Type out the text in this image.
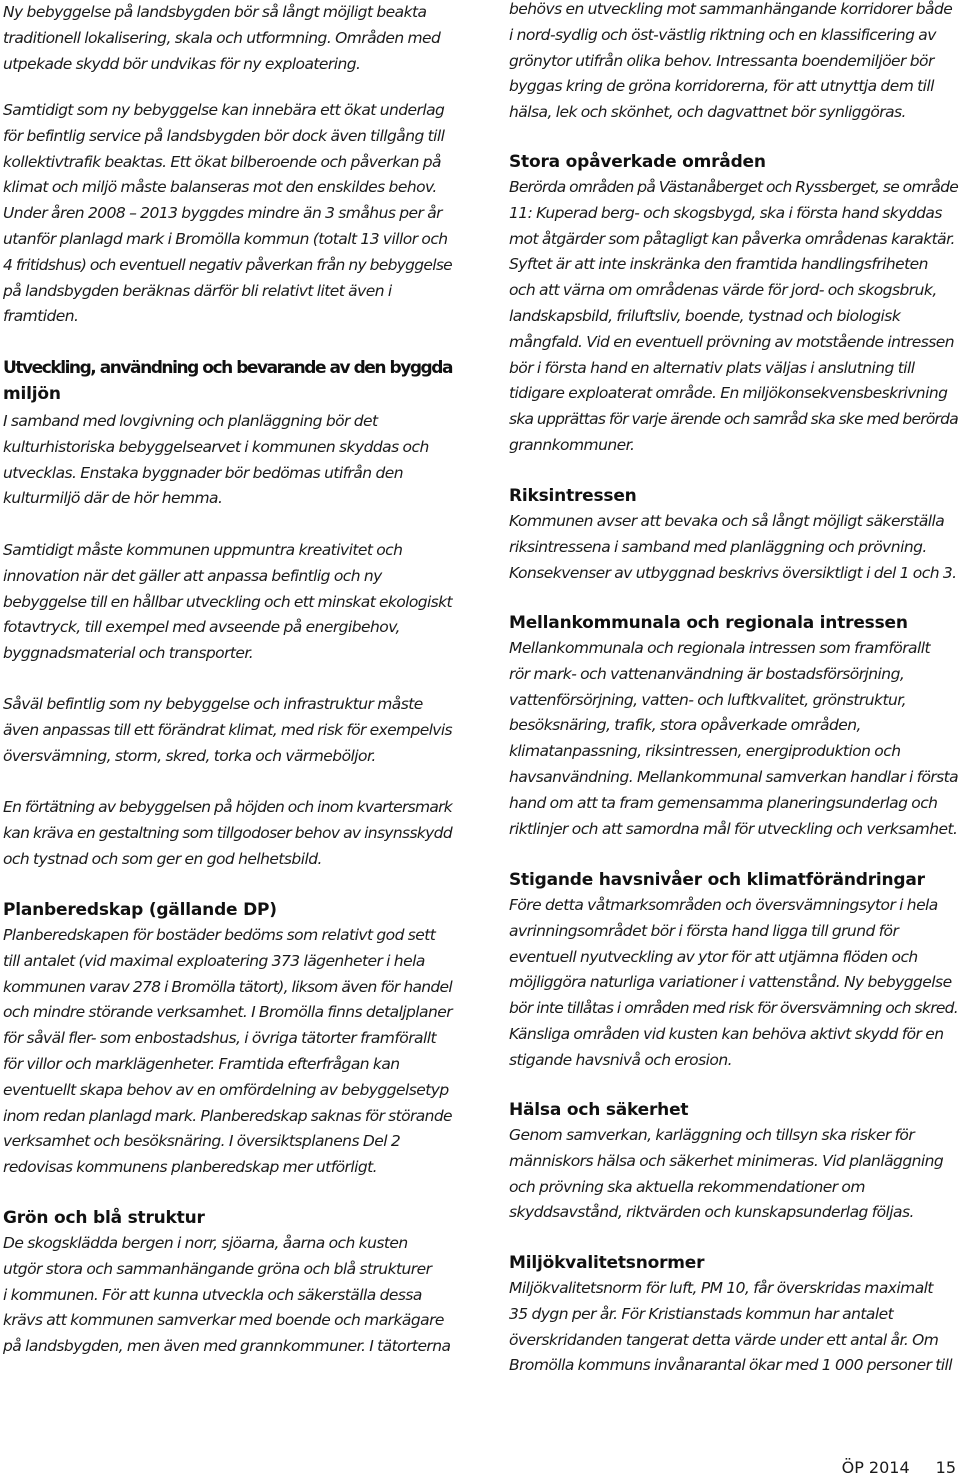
Ny bebyggelse på landsbygden bör så långt möjligt beakta
traditionell lokalisering, skala och utformning. Områden med
utpekade skydd bör undvikas för ny exploatering.

Samtidigt som ny bebyggelse kan innebära ett ökat underlag
för befintlig service på landsbygden bör dock även tillgång till
kollektivtrafik beaktas. Ett ökat bilberoende och påverkan på
klimat och miljö måste balanseras mot den enskildes behov.
Under åren 2008 – 2013 byggdes mindre än 3 småhus per år
utanför planlagd mark i Bromölla kommun (totalt 13 villor och
4 fritidshus) och eventuell negativ påverkan från ny bebyggelse
på landsbygden beräknas därför bli relativt litet även i
framtiden.

Utveckling, användning och bevarande av den byggda
miljön

I samband med lovgivning och planläggning bör det
kulturhistoriska bebyggelsearvet i kommunen skyddas och
utvecklas. Enstaka byggnader bör bedömas utifrån den
kulturmiljö där de hör hemma.

Samtidigt måste kommunen uppmuntra kreativitet och
innovation när det gäller att anpassa befintlig och ny
bebyggelse till en hållbar utveckling och ett minskat ekologiskt
fotavtryck, till exempel med avseende på energibehov,
byggnadsmaterial och transporter.

Såväl befintlig som ny bebyggelse och infrastruktur måste
även anpassas till ett förändrat klimat, med risk för exempelvis
översvämning, storm, skred, torka och värmeböljor.

En förtätning av bebyggelsen på höjden och inom kvartersmark
kan kräva en gestaltning som tillgodoser behov av insynsskydd
och tystnad och som ger en god helhetsbild.

Planberedskap (gällande DP)

Planberedskapen för bostäder bedöms som relativt god sett
till antalet (vid maximal exploatering 373 lägenheter i hela
kommunen varav 278 i Bromölla tätort), liksom även för handel
och mindre störande verksamhet. I Bromölla finns detaljplaner
för såväl fler- som enbostadshus, i övriga tätorter framförallt
för villor och marklägenheter. Framtida efterfrågan kan
eventuellt skapa behov av en omfördelning av bebyggelsetyp
inom redan planlagd mark. Planberedskap saknas för störande
verksamhet och besöksnäring. I översiktsplanens Del 2
redovisas kommunens planberedskap mer utförligt.

Grön och blå struktur

De skogsklädda bergen i norr, sjöarna, åarna och kusten
utgör stora och sammanhängande gröna och blå strukturer
i kommunen. För att kunna utveckla och säkerställa dessa
krävs att kommunen samverkar med boende och markägare
på landsbygden, men även med grannkommuner. I tätorterna

behövs en utveckling mot sammanhängande korridorer både
i nord-sydlig och öst-västlig riktning och en klassificering av
grönytor utifrån olika behov. Intressanta boendemiljöer bör
byggas kring de gröna korridorerna, för att utnyttja dem till
hälsa, lek och skönhet, och dagvattnet bör synliggöras.

Stora opåverkade områden

Berörda områden på Västanåberget och Ryssberget, se område
11: Kuperad berg- och skogsbygd, ska i första hand skyddas
mot åtgärder som påtagligt kan påverka områdenas karaktär.
Syftet är att inte inskränka den framtida handlingsfriheten
och att värna om områdenas värde för jord- och skogsbruk,
landskapsbild, friluftsliv, boende, tystnad och biologisk
mångfald. Vid en eventuell prövning av motstående intressen
bör i första hand en alternativ plats väljas i anslutning till
tidigare exploaterat område. En miljökonsekvensbeskrivning
ska upprättas för varje ärende och samråd ska ske med berörda
grannkommuner.

Riksintressen

Kommunen avser att bevaka och så långt möjligt säkerställa
riksintressena i samband med planläggning och prövning.
Konsekvenser av utbyggnad beskrivs översiktligt i del 1 och 3.

Mellankommunala och regionala intressen

Mellankommunala och regionala intressen som framförallt
rör mark- och vattenanvändning är bostadsförsörjning,
vattenförsörjning, vatten- och luftkvalitet, grönstruktur,
besöksnäring, trafik, stora opåverkade områden,
klimatanpassning, riksintressen, energiproduktion och
havsanvändning. Mellankommunal samverkan handlar i första
hand om att ta fram gemensamma planeringsunderlag och
riktlinjer och att samordna mål för utveckling och verksamhet.

Stigande havsnivåer och klimatförändringar

Före detta våtmarksområden och översvämningsytor i hela
avrinningsområdet bör i första hand ligga till grund för
eventuell nyutveckling av ytor för att utjämna flöden och
möjliggöra naturliga variationer i vattenstånd. Ny bebyggelse
bör inte tillåtas i områden med risk för översvämning och skred.
Känsliga områden vid kusten kan behöva aktivt skydd för en
stigande havsnivå och erosion.

Hälsa och säkerhet

Genom samverkan, karläggning och tillsyn ska risker för
människors hälsa och säkerhet minimeras. Vid planläggning
och prövning ska aktuella rekommendationer om
skyddsavstånd, riktvärden och kunskapsunderlag följas.

Miljökvalitetsnormer

Miljökvalitetsnorm för luft, PM 10, får överskridas maximalt
35 dygn per år. För Kristianstads kommun har antalet
överskridanden tangerat detta värde under ett antal år. Om
Bromölla kommuns invånarantal ökar med 1 000 personer till

ÖP 2014 15
